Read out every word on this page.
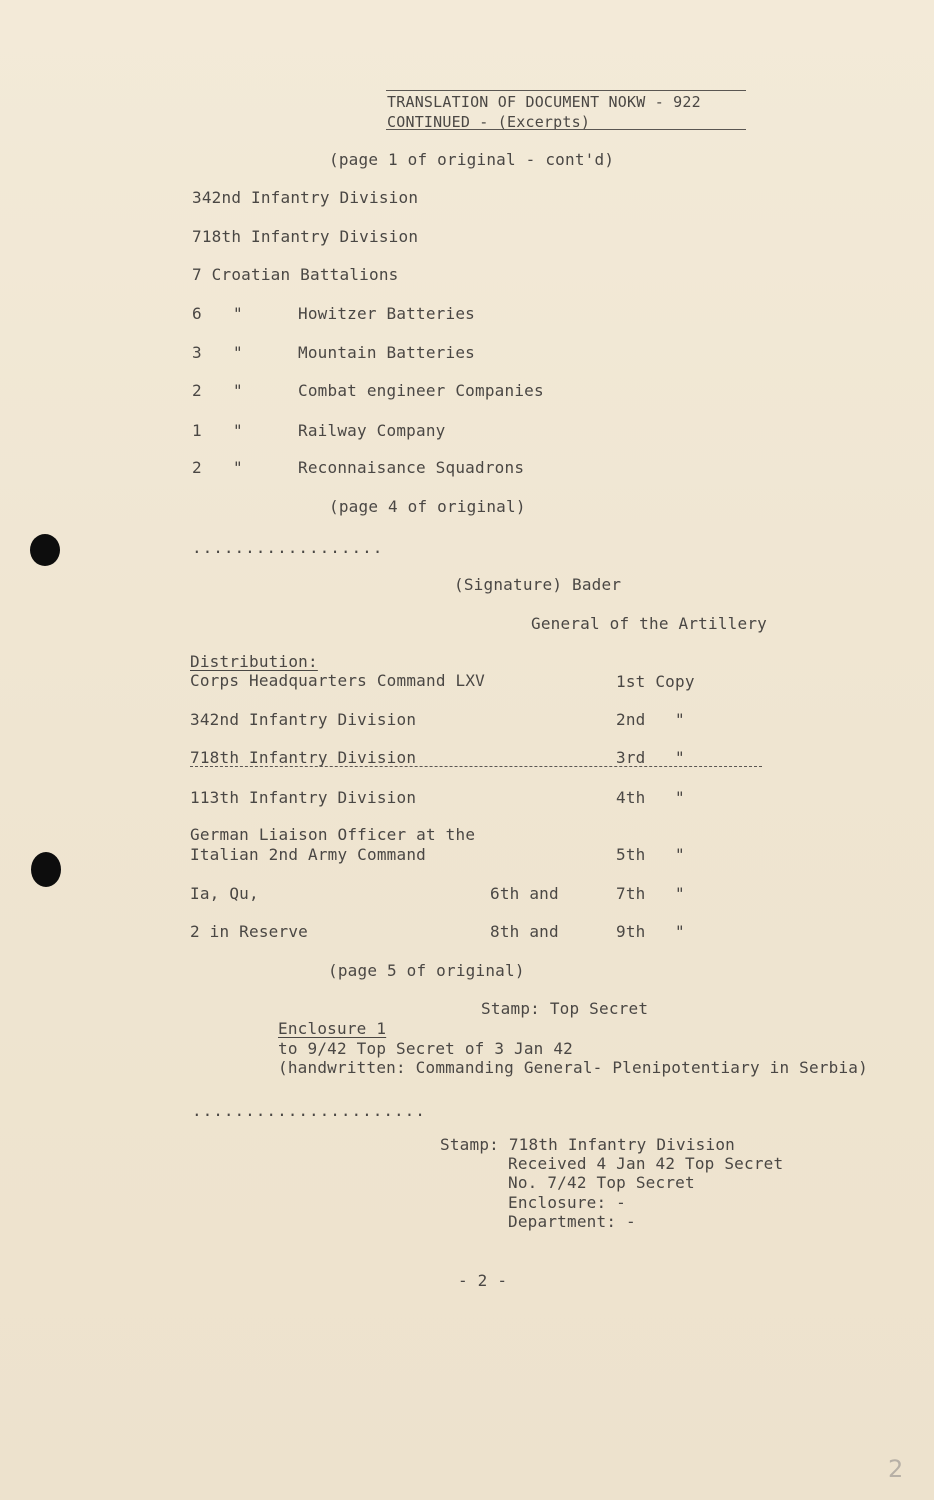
TRANSLATION OF DOCUMENT NOKW - 922
CONTINUED - (Excerpts)
(page 1 of original - cont'd)
342nd Infantry Division
718th Infantry Division
7 Croatian Battalions
6 "	Howitzer Batteries
3 "	Mountain Batteries
2 "	Combat engineer Companies
1 "	Railway Company
2 "	Reconnaisance Squadrons
(page 4 of original)
..................
(Signature) Bader
General of the Artillery
Distribution:
Corps Headquarters Command LXV	1st Copy
342nd Infantry Division	2nd   "
718th Infantry Division	3rd   "
113th Infantry Division	4th   "
German Liaison Officer at the
Italian 2nd Army Command	5th   "
Ia, Qu,	6th and	7th   "
2 in Reserve	8th and	9th   "
(page 5 of original)
Stamp: Top Secret
Enclosure 1
to 9/42 Top Secret of 3 Jan 42
(handwritten: Commanding General- Plenipotentiary in Serbia)
......................
Stamp: 718th Infantry Division
Received 4 Jan 42 Top Secret
No. 7/42 Top Secret
Enclosure: -
Department: -
- 2 -
2
